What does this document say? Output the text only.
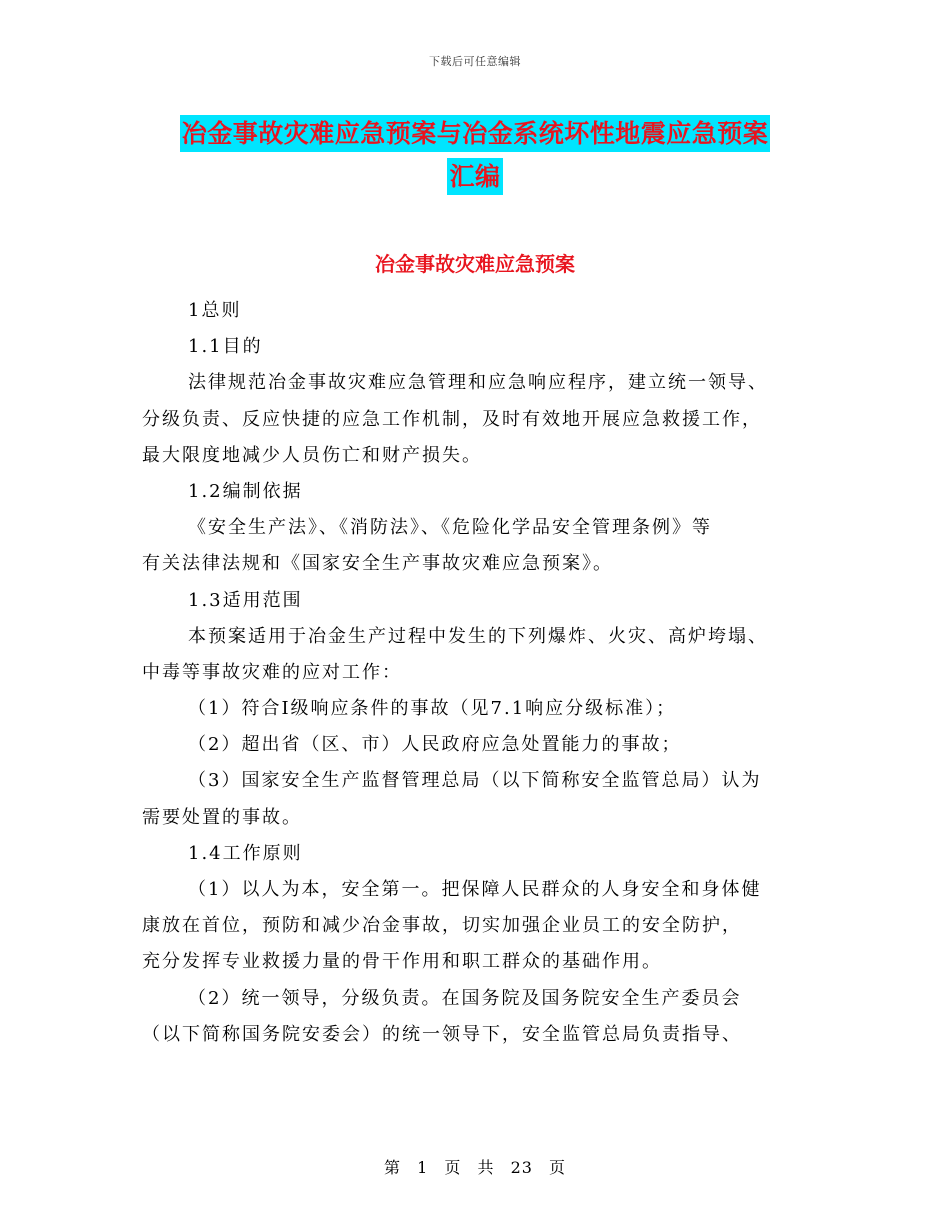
下载后可任意编辑
冶金事故灾难应急预案与冶金系统坏性地震应急预案
汇编
冶金事故灾难应急预案
1总则
1.1目的
法律规范冶金事故灾难应急管理和应急响应程序，建立统一领导、
分级负责、反应快捷的应急工作机制，及时有效地开展应急救援工作，
最大限度地减少人员伤亡和财产损失。
1.2编制依据
《安全生产法》、《消防法》、《危险化学品安全管理条例》等
有关法律法规和《国家安全生产事故灾难应急预案》。
1.3适用范围
本预案适用于冶金生产过程中发生的下列爆炸、火灾、高炉垮塌、
中毒等事故灾难的应对工作：
（1）符合Ⅰ级响应条件的事故（见7.1响应分级标准）；
（2）超出省（区、市）人民政府应急处置能力的事故；
（3）国家安全生产监督管理总局（以下简称安全监管总局）认为
需要处置的事故。
1.4工作原则
（1）以人为本，安全第一。把保障人民群众的人身安全和身体健
康放在首位，预防和减少冶金事故，切实加强企业员工的安全防护，
充分发挥专业救援力量的骨干作用和职工群众的基础作用。
（2）统一领导，分级负责。在国务院及国务院安全生产委员会
（以下简称国务院安委会）的统一领导下，安全监管总局负责指导、
第 1 页 共 23 页
